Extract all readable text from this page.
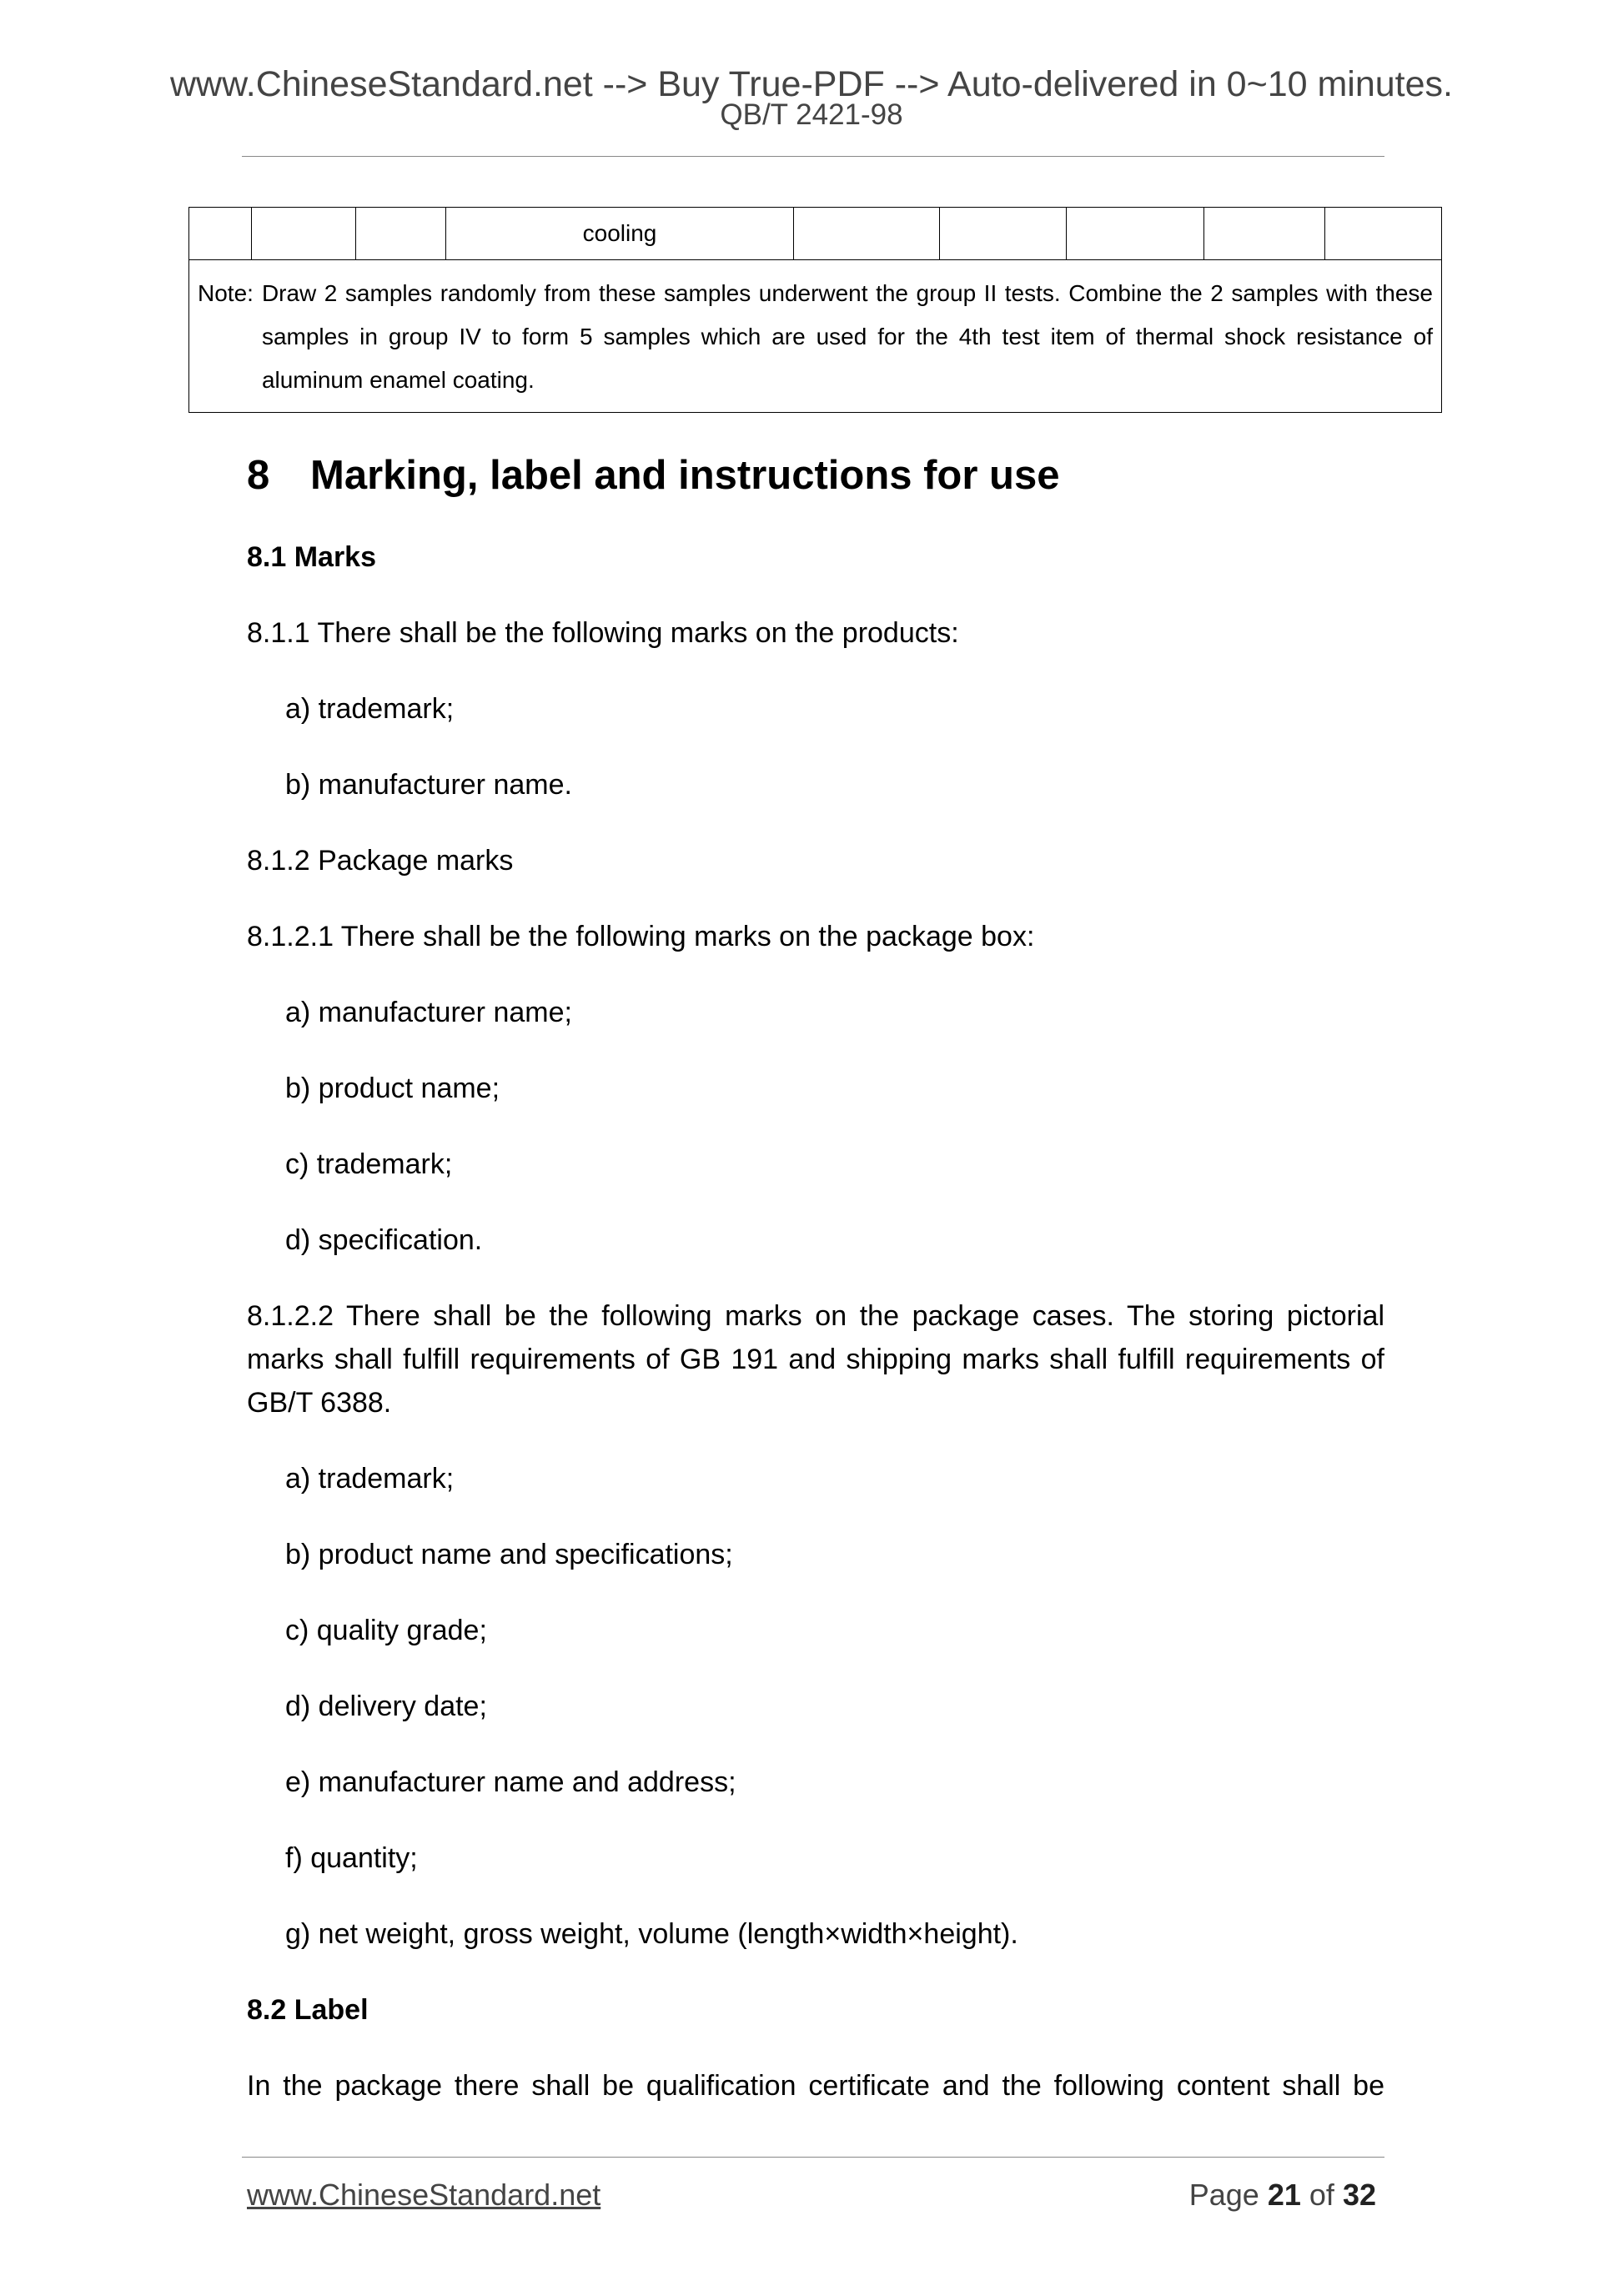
www.ChineseStandard.net --> Buy True-PDF --> Auto-delivered in 0~10 minutes.
QB/T 2421-98
			cooling					

Note: Draw 2 samples randomly from these samples underwent the group II tests. Combine the 2 samples with these samples in group IV to form 5 samples which are used for the 4th test item of thermal shock resistance of aluminum enamel coating.
8 Marking, label and instructions for use

8.1 Marks

8.1.1 There shall be the following marks on the products:

a) trademark;

b) manufacturer name.

8.1.2 Package marks

8.1.2.1 There shall be the following marks on the package box:

a) manufacturer name;

b) product name;

c) trademark;

d) specification.

8.1.2.2 There shall be the following marks on the package cases. The storing pictorial marks shall fulfill requirements of GB 191 and shipping marks shall fulfill requirements of GB/T 6388.

a) trademark;

b) product name and specifications;

c) quality grade;

d) delivery date;

e) manufacturer name and address;

f) quantity;

g) net weight, gross weight, volume (length×width×height).

8.2 Label

In the package there shall be qualification certificate and the following content shall be

www.ChineseStandard.net	Page 21 of 32
